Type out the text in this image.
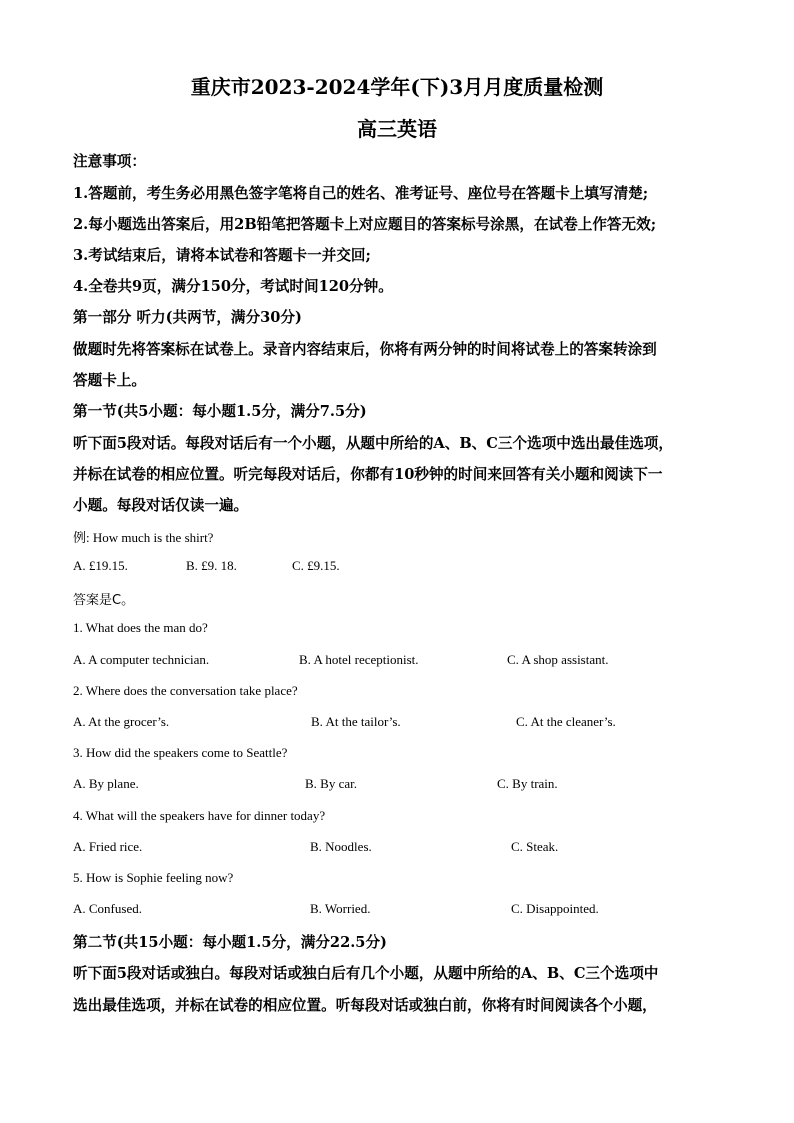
重庆市2023-2024学年(下)3月月度质量检测
高三英语
注意事项：
1.答题前，考生务必用黑色签字笔将自己的姓名、准考证号、座位号在答题卡上填写清楚;
2.每小题选出答案后，用2B铅笔把答题卡上对应题目的答案标号涂黑，在试卷上作答无效;
3.考试结束后，请将本试卷和答题卡一并交回;
4.全卷共9页，满分150分，考试时间120分钟。
第一部分 听力(共两节，满分30分)
做题时先将答案标在试卷上。录音内容结束后，你将有两分钟的时间将试卷上的答案转涂到
答题卡上。
第一节(共5小题：每小题1.5分，满分7.5分)
听下面5段对话。每段对话后有一个小题，从题中所给的A、B、C三个选项中选出最佳选项，
并标在试卷的相应位置。听完每段对话后，你都有10秒钟的时间来回答有关小题和阅读下一
小题。每段对话仅读一遍。
例: How much is the shirt?
A. £19.15.	B. £9. 18.	C. £9.15.
答案是C。
1. What does the man do?
A. A computer technician.	B. A hotel receptionist.	C. A shop assistant.
2. Where does the conversation take place?
A. At the grocer’s.	B. At the tailor’s.	C. At the cleaner’s.
3. How did the speakers come to Seattle?
A. By plane.	B. By car.	C. By train.
4. What will the speakers have for dinner today?
A. Fried rice.	B. Noodles.	C. Steak.
5. How is Sophie feeling now?
A. Confused.	B. Worried.	C. Disappointed.
第二节(共15小题：每小题1.5分，满分22.5分)
听下面5段对话或独白。每段对话或独白后有几个小题，从题中所给的A、B、C三个选项中
选出最佳选项，并标在试卷的相应位置。听每段对话或独白前，你将有时间阅读各个小题，
